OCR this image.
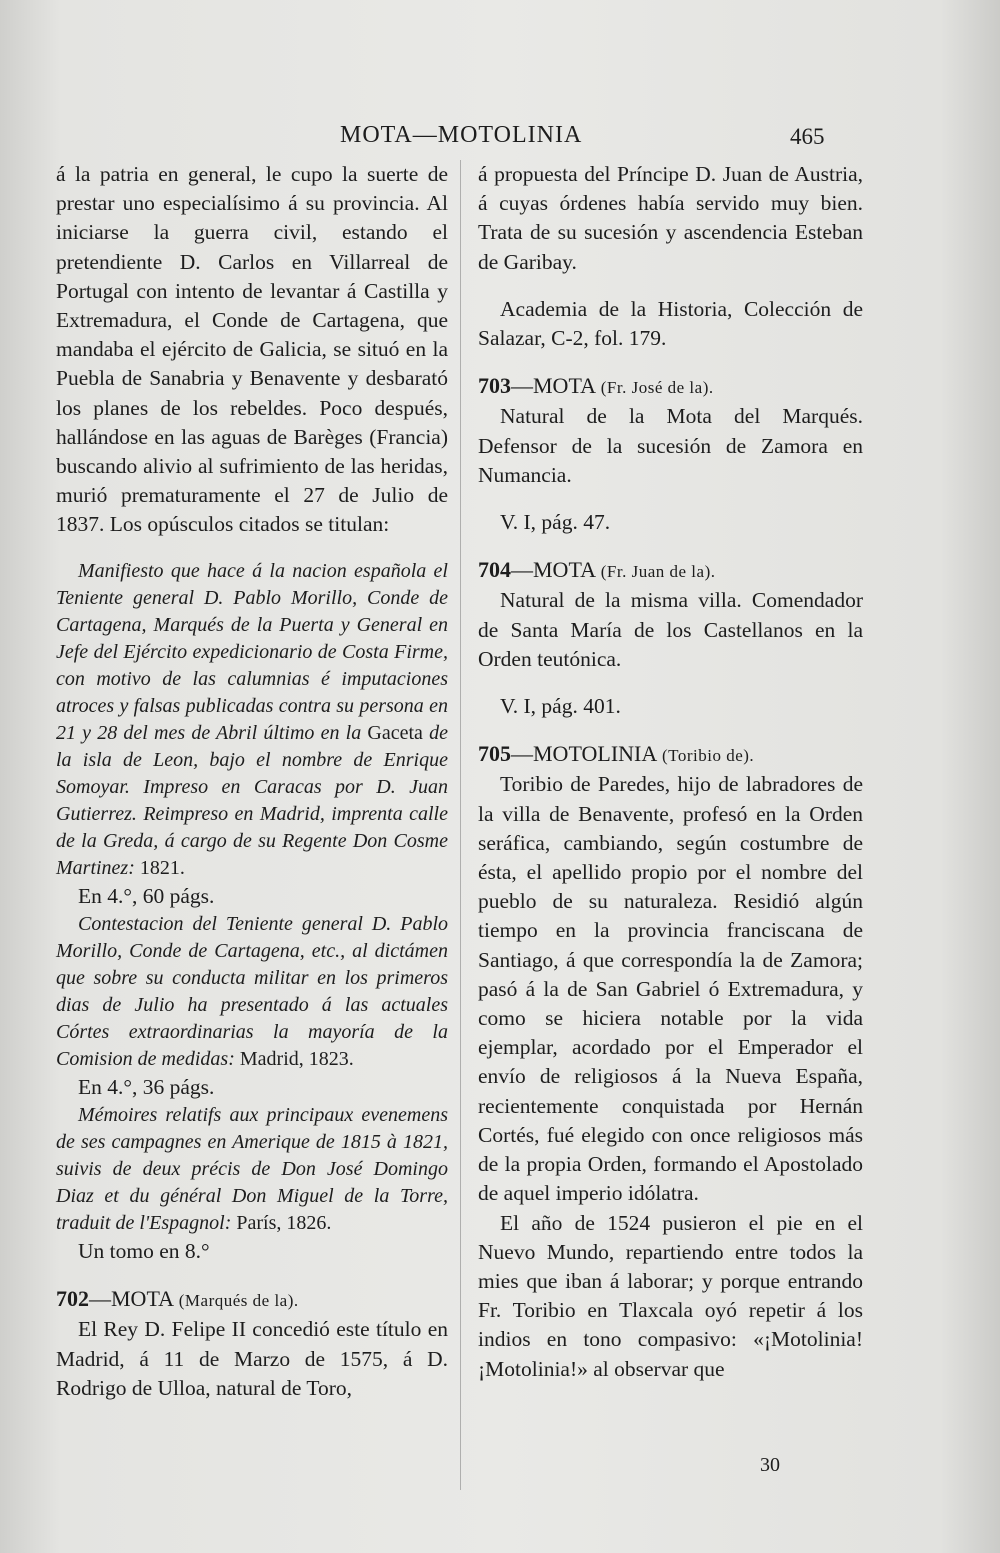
MOTA—MOTOLINIA	465

á la patria en general, le cupo la suerte de prestar uno especialísimo á su provincia. Al iniciarse la guerra civil, estando el pretendiente D. Carlos en Villarreal de Portugal con intento de levantar á Castilla y Extremadura, el Conde de Cartagena, que mandaba el ejército de Galicia, se situó en la Puebla de Sanabria y Benavente y desbarató los planes de los rebeldes. Poco después, hallándose en las aguas de Barèges (Francia) buscando alivio al sufrimiento de las heridas, murió prematuramente el 27 de Julio de 1837. Los opúsculos citados se titulan:

Manifiesto que hace á la nacion española el Teniente general D. Pablo Morillo, Conde de Cartagena, Marqués de la Puerta y General en Jefe del Ejército expedicionario de Costa Firme, con motivo de las calumnias é imputaciones atroces y falsas publicadas contra su persona en 21 y 28 del mes de Abril último en la Gaceta de la isla de Leon, bajo el nombre de Enrique Somoyar. Impreso en Caracas por D. Juan Gutierrez. Reimpreso en Madrid, imprenta calle de la Greda, á cargo de su Regente Don Cosme Martinez: 1821.

En 4.°, 60 págs.

Contestacion del Teniente general D. Pablo Morillo, Conde de Cartagena, etc., al dictámen que sobre su conducta militar en los primeros dias de Julio ha presentado á las actuales Córtes extraordinarias la mayoría de la Comision de medidas: Madrid, 1823.

En 4.°, 36 págs.

Mémoires relatifs aux principaux evenemens de ses campagnes en Amerique de 1815 à 1821, suivis de deux précis de Don José Domingo Diaz et du général Don Miguel de la Torre, traduit de l'Espagnol: París, 1826.

Un tomo en 8.°

702—MOTA (Marqués de la).

El Rey D. Felipe II concedió este título en Madrid, á 11 de Marzo de 1575, á D. Rodrigo de Ulloa, natural de Toro,

á propuesta del Príncipe D. Juan de Austria, á cuyas órdenes había servido muy bien. Trata de su sucesión y ascendencia Esteban de Garibay.

Academia de la Historia, Colección de Salazar, C-2, fol. 179.

703—MOTA (Fr. José de la).

Natural de la Mota del Marqués. Defensor de la sucesión de Zamora en Numancia.

V. I, pág. 47.

704—MOTA (Fr. Juan de la).

Natural de la misma villa. Comendador de Santa María de los Castellanos en la Orden teutónica.

V. I, pág. 401.

705—MOTOLINIA (Toribio de).

Toribio de Paredes, hijo de labradores de la villa de Benavente, profesó en la Orden seráfica, cambiando, según costumbre de ésta, el apellido propio por el nombre del pueblo de su naturaleza. Residió algún tiempo en la provincia franciscana de Santiago, á que correspondía la de Zamora; pasó á la de San Gabriel ó Extremadura, y como se hiciera notable por la vida ejemplar, acordado por el Emperador el envío de religiosos á la Nueva España, recientemente conquistada por Hernán Cortés, fué elegido con once religiosos más de la propia Orden, formando el Apostolado de aquel imperio idólatra.

El año de 1524 pusieron el pie en el Nuevo Mundo, repartiendo entre todos la mies que iban á laborar; y porque entrando Fr. Toribio en Tlaxcala oyó repetir á los indios en tono compasivo: «¡Motolinia! ¡Motolinia!» al observar que

30
